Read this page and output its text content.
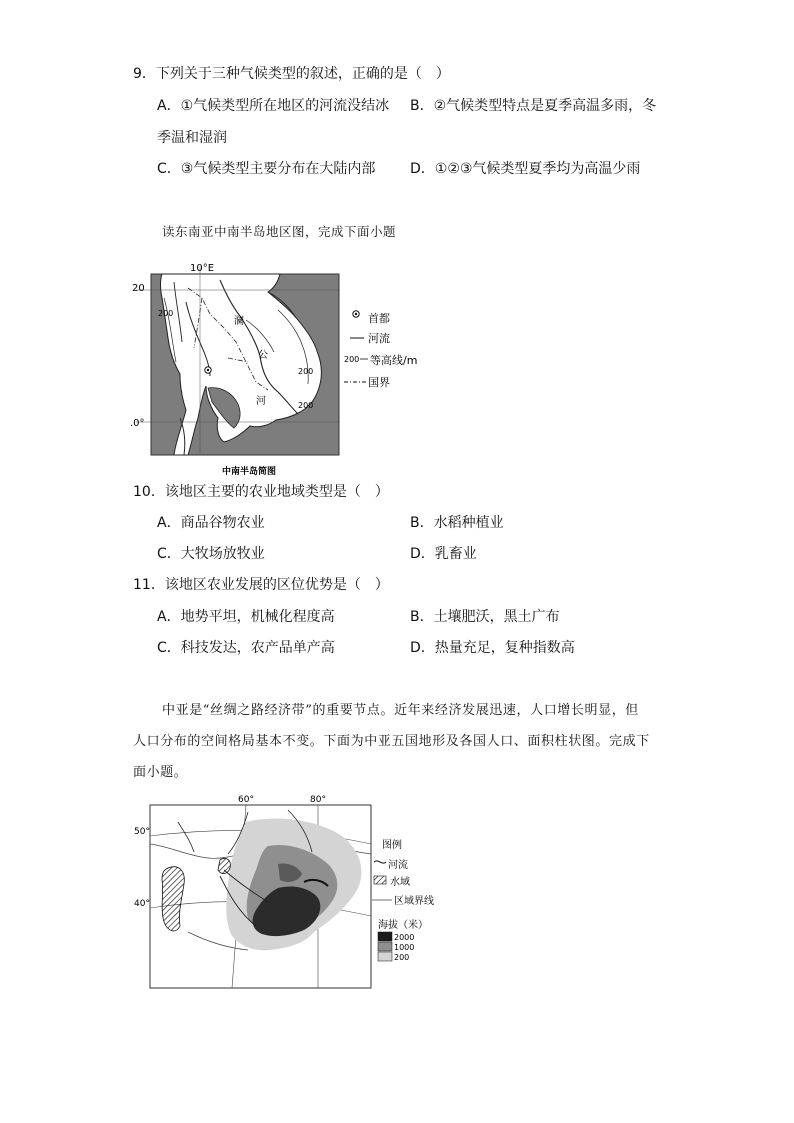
9．下列关于三种气候类型的叙述，正确的是（　）
A．①气候类型所在地区的河流没结冰 B．②气候类型特点是夏季高温多雨，冬
季温和湿润
C．③气候类型主要分布在大陆内部 D．①②③气候类型夏季均为高温少雨
读东南亚中南半岛地区图，完成下面小题
10°E
20
.0°
200
200
200
澜
公
河
曼谷
首都
河流
200 等高线/m
国界
中南半岛简图
10．该地区主要的农业地域类型是（　）
A．商品谷物农业	B．水稻种植业
C．大牧场放牧业	D．乳畜业
11．该地区农业发展的区位优势是（　）
A．地势平坦，机械化程度高	B．土壤肥沃，黑土广布
C．科技发达，农产品单产高	D．热量充足，复种指数高
中亚是“丝绸之路经济带”的重要节点。近年来经济发展迅速，人口增长明显，但
人口分布的空间格局基本不变。下面为中亚五国地形及各国人口、面积柱状图。完成下
面小题。
60°	80°
50°
40°
图例
河流
水域
区域界线
海拔（米）
2000
1000
200
